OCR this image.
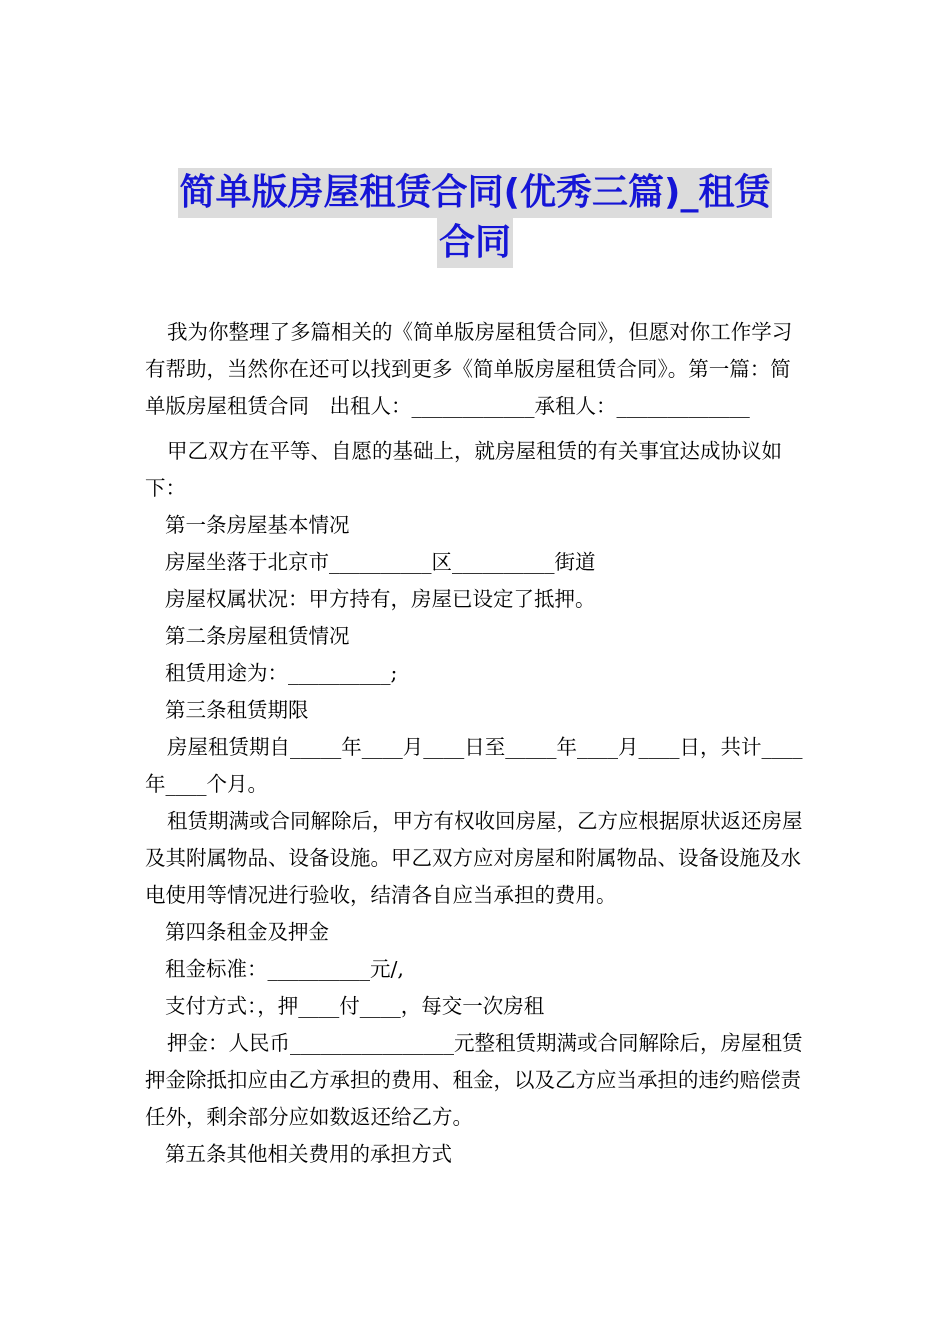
简单版房屋租赁合同(优秀三篇)_租赁
合同

我为你整理了多篇相关的《简单版房屋租赁合同》，但愿对你工作学习有帮助，当然你在还可以找到更多《简单版房屋租赁合同》。第一篇：简单版房屋租赁合同　出租人：____________承租人：_____________

甲乙双方在平等、自愿的基础上，就房屋租赁的有关事宜达成协议如下：

第一条房屋基本情况

房屋坐落于北京市__________区__________街道

房屋权属状况：甲方持有，房屋已设定了抵押。

第二条房屋租赁情况

租赁用途为：__________;

第三条租赁期限

房屋租赁期自_____年____月____日至_____年____月____日，共计____年____个月。

租赁期满或合同解除后，甲方有权收回房屋，乙方应根据原状返还房屋及其附属物品、设备设施。甲乙双方应对房屋和附属物品、设备设施及水电使用等情况进行验收，结清各自应当承担的费用。

第四条租金及押金

租金标准：__________元/,

支付方式：，押____付____，每交一次房租

押金：人民币________________元整租赁期满或合同解除后，房屋租赁押金除抵扣应由乙方承担的费用、租金，以及乙方应当承担的违约赔偿责任外，剩余部分应如数返还给乙方。

第五条其他相关费用的承担方式
